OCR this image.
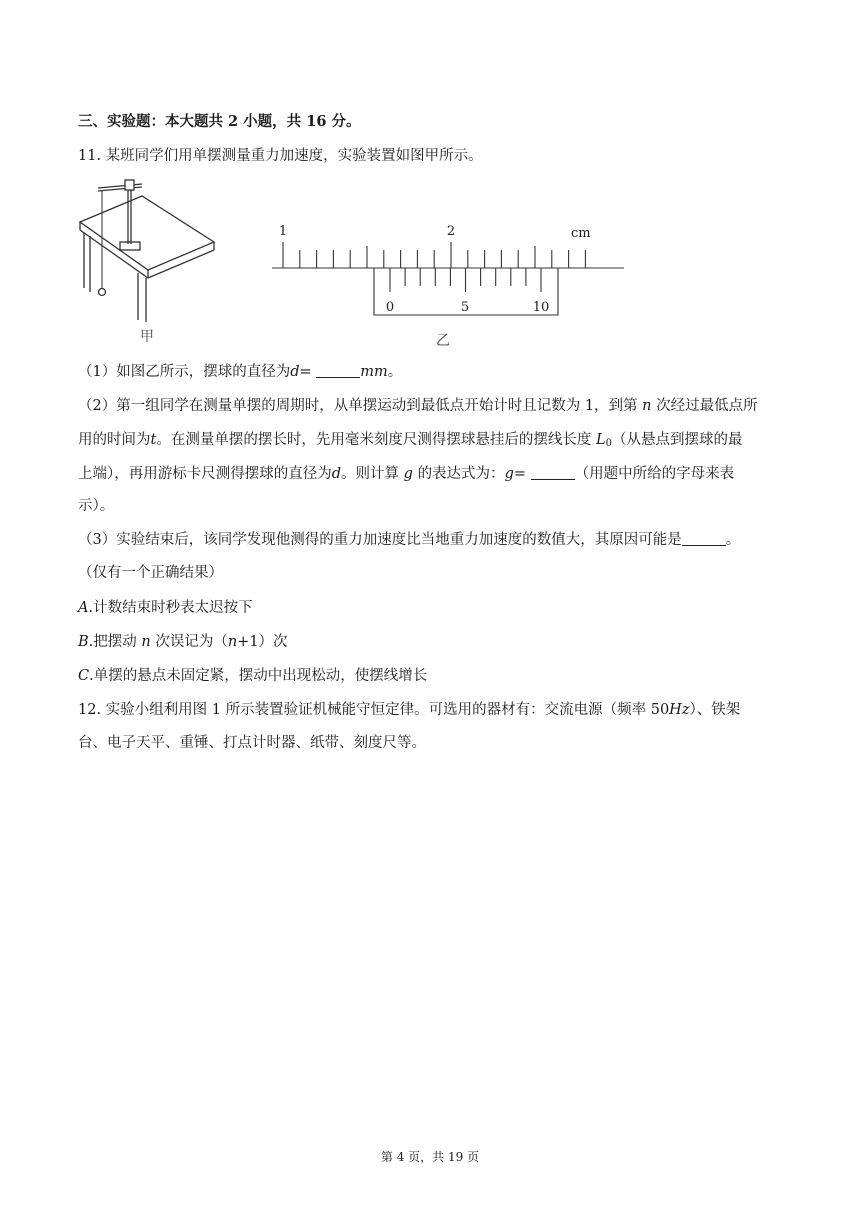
三、实验题：本大题共 2 小题，共 16 分。
11. 某班同学们用单摆测量重力加速度，实验装置如图甲所示。
甲
1	2	cm
0	5	10
乙
（1）如图乙所示，摆球的直径为d=	mm。
（2）第一组同学在测量单摆的周期时，从单摆运动到最低点开始计时且记数为 1，到第 n 次经过最低点所
用的时间为t。在测量单摆的摆长时，先用毫米刻度尺测得摆球悬挂后的摆线长度 $L_0$（从悬点到摆球的最
上端），再用游标卡尺测得摆球的直径为d。则计算 g 的表达式为：g=	（用题中所给的字母来表
示）。
（3）实验结束后，该同学发现他测得的重力加速度比当地重力加速度的数值大，其原因可能是	。
（仅有一个正确结果）
A.计数结束时秒表太迟按下
B.把摆动 n 次误记为（n+1）次
C.单摆的悬点未固定紧，摆动中出现松动，使摆线增长
12. 实验小组利用图 1 所示装置验证机械能守恒定律。可选用的器材有：交流电源（频率 50Hz）、铁架
台、电子天平、重锤、打点计时器、纸带、刻度尺等。
第 4 页，共 19 页
